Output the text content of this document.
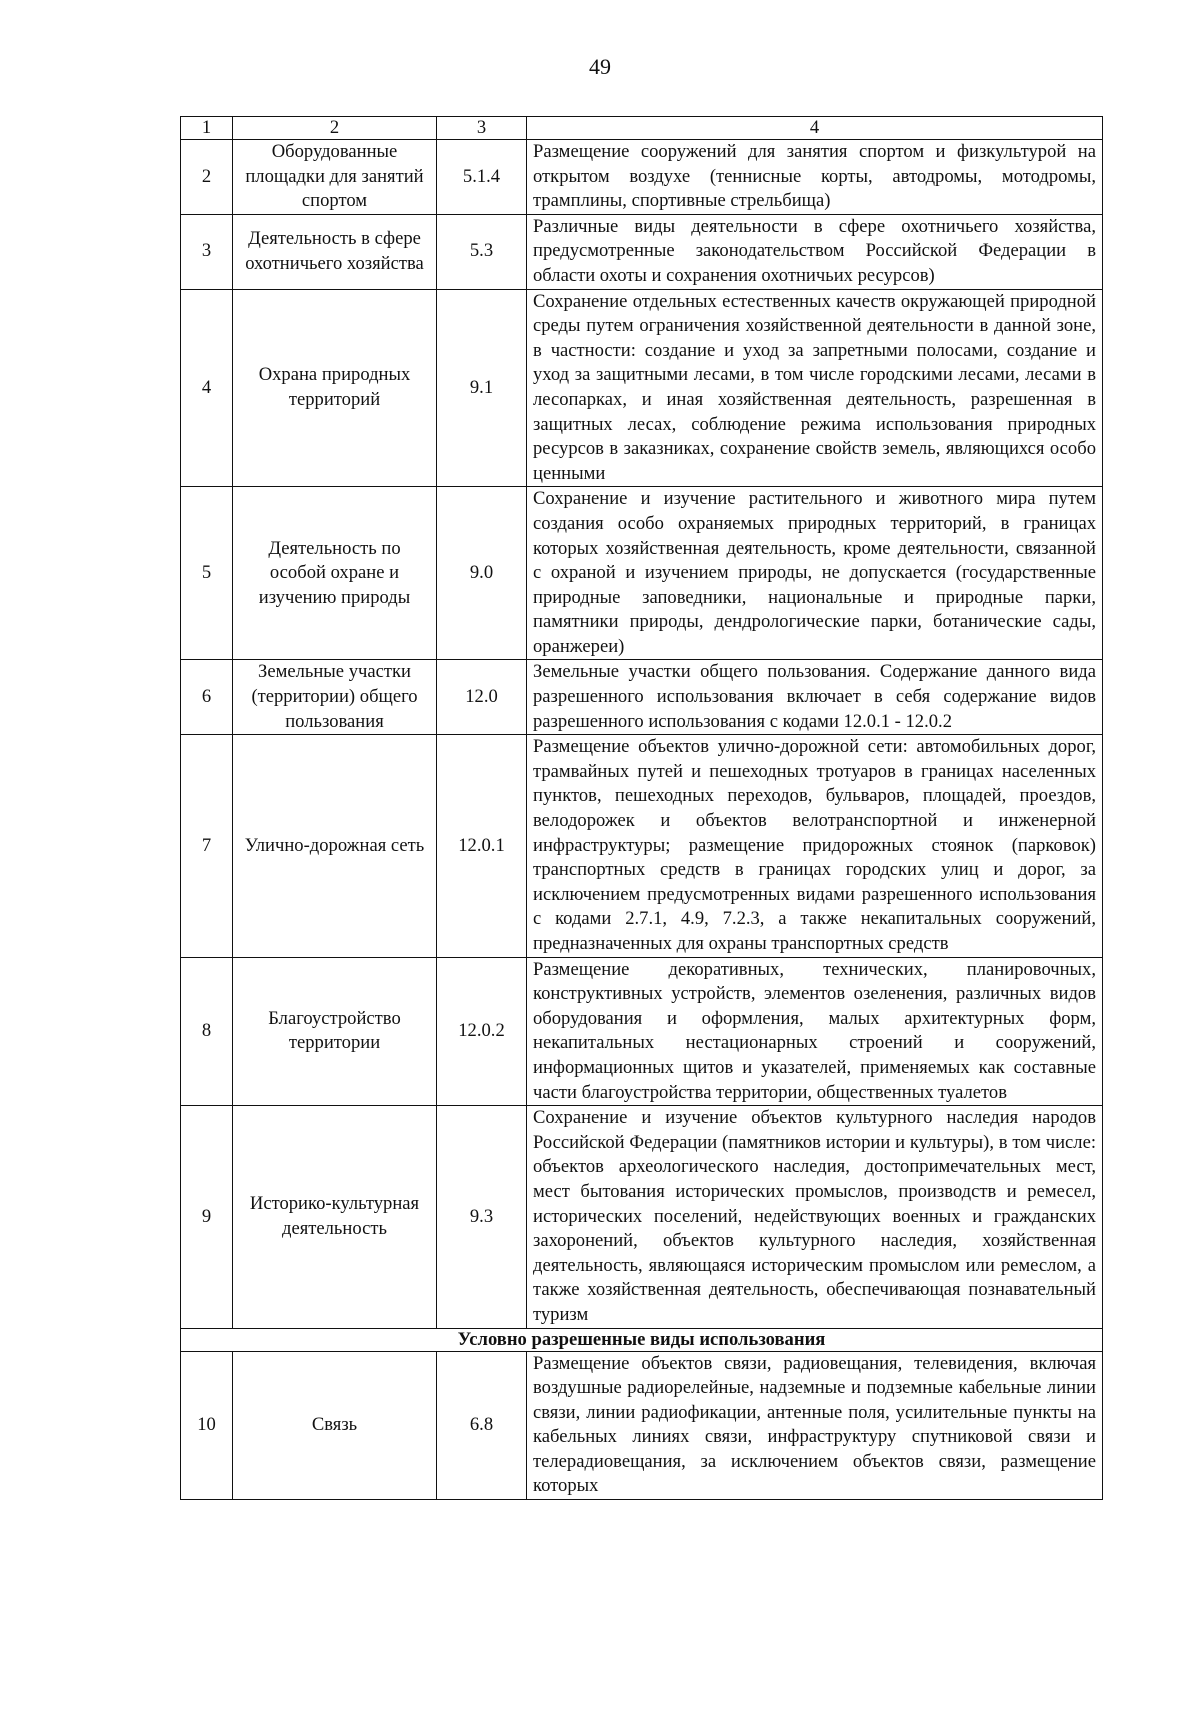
49
1	2	3	4
2	Оборудованные площадки для занятий спортом	5.1.4	Размещение сооружений для занятия спортом и физкультурой на открытом воздухе (теннисные корты, автодромы, мотодромы, трамплины, спортивные стрельбища)
3	Деятельность в сфере охотничьего хозяйства	5.3	Различные виды деятельности в сфере охотничьего хозяйства, предусмотренные законодательством Российской Федерации в области охоты и сохранения охотничьих ресурсов)
4	Охрана природных территорий	9.1	Сохранение отдельных естественных качеств окружающей природной среды путем ограничения хозяйственной деятельности в данной зоне, в частности: создание и уход за запретными полосами, создание и уход за защитными лесами, в том числе городскими лесами, лесами в лесопарках, и иная хозяйственная деятельность, разрешенная в защитных лесах, соблюдение режима использования природных ресурсов в заказниках, сохранение свойств земель, являющихся особо ценными
5	Деятельность по особой охране и изучению природы	9.0	Сохранение и изучение растительного и животного мира путем создания особо охраняемых природных территорий, в границах которых хозяйственная деятельность, кроме деятельности, связанной с охраной и изучением природы, не допускается (государственные природные заповедники, национальные и природные парки, памятники природы, дендрологические парки, ботанические сады, оранжереи)
6	Земельные участки (территории) общего пользования	12.0	Земельные участки общего пользования. Содержание данного вида разрешенного использования включает в себя содержание видов разрешенного использования с кодами 12.0.1 - 12.0.2
7	Улично-дорожная сеть	12.0.1	Размещение объектов улично-дорожной сети: автомобильных дорог, трамвайных путей и пешеходных тротуаров в границах населенных пунктов, пешеходных переходов, бульваров, площадей, проездов, велодорожек и объектов велотранспортной и инженерной инфраструктуры; размещение придорожных стоянок (парковок) транспортных средств в границах городских улиц и дорог, за исключением предусмотренных видами разрешенного использования с кодами 2.7.1, 4.9, 7.2.3, а также некапитальных сооружений, предназначенных для охраны транспортных средств
8	Благоустройство территории	12.0.2	Размещение декоративных, технических, планировочных, конструктивных устройств, элементов озеленения, различных видов оборудования и оформления, малых архитектурных форм, некапитальных нестационарных строений и сооружений, информационных щитов и указателей, применяемых как составные части благоустройства территории, общественных туалетов
9	Историко-культурная деятельность	9.3	Сохранение и изучение объектов культурного наследия народов Российской Федерации (памятников истории и культуры), в том числе: объектов археологического наследия, достопримечательных мест, мест бытования исторических промыслов, производств и ремесел, исторических поселений, недействующих военных и гражданских захоронений, объектов культурного наследия, хозяйственная деятельность, являющаяся историческим промыслом или ремеслом, а также хозяйственная деятельность, обеспечивающая познавательный туризм
Условно разрешенные виды использования			
10	Связь	6.8	Размещение объектов связи, радиовещания, телевидения, включая воздушные радиорелейные, надземные и подземные кабельные линии связи, линии радиофикации, антенные поля, усилительные пункты на кабельных линиях связи, инфраструктуру спутниковой связи и телерадиовещания, за исключением объектов связи, размещение которых
